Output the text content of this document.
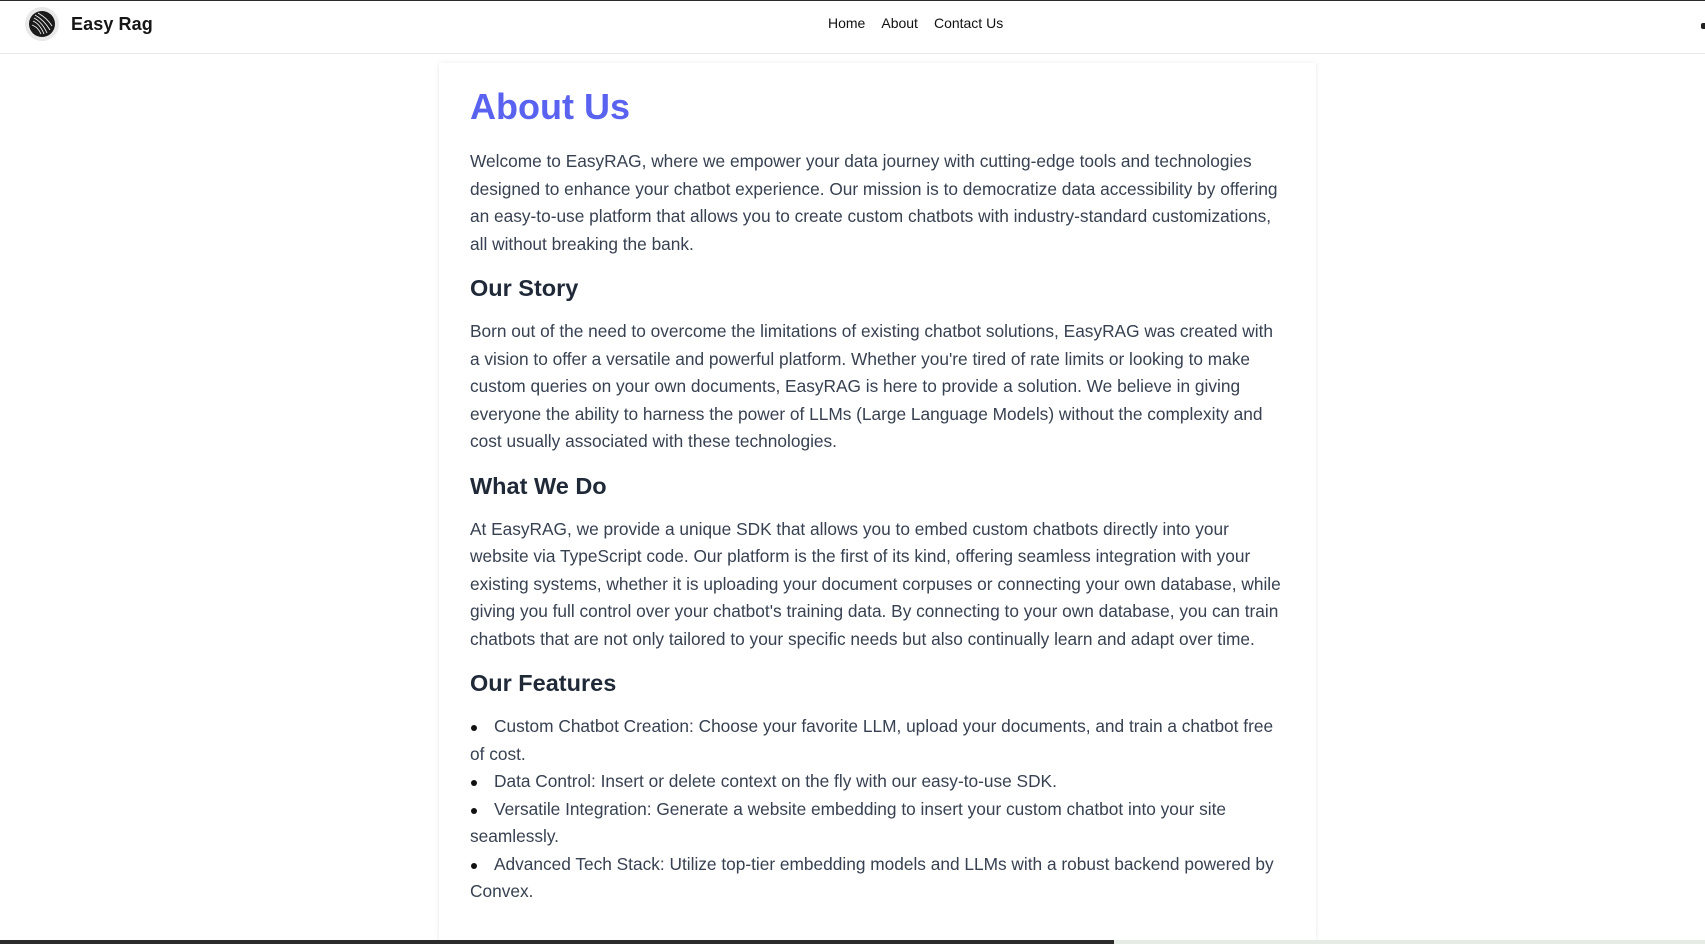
Easy Rag	Home About Contact Us
About Us

Welcome to EasyRAG, where we empower your data journey with cutting-edge tools and technologies designed to enhance your chatbot experience. Our mission is to democratize data accessibility by offering an easy-to-use platform that allows you to create custom chatbots with industry-standard customizations, all without breaking the bank.

Our Story

Born out of the need to overcome the limitations of existing chatbot solutions, EasyRAG was created with a vision to offer a versatile and powerful platform. Whether you're tired of rate limits or looking to make custom queries on your own documents, EasyRAG is here to provide a solution. We believe in giving everyone the ability to harness the power of LLMs (Large Language Models) without the complexity and cost usually associated with these technologies.

What We Do

At EasyRAG, we provide a unique SDK that allows you to embed custom chatbots directly into your website via TypeScript code. Our platform is the first of its kind, offering seamless integration with your existing systems, whether it is uploading your document corpuses or connecting your own database, while giving you full control over your chatbot's training data. By connecting to your own database, you can train chatbots that are not only tailored to your specific needs but also continually learn and adapt over time.

Our Features
Custom Chatbot Creation: Choose your favorite LLM, upload your documents, and train a chatbot free of cost.
Data Control: Insert or delete context on the fly with our easy-to-use SDK.
Versatile Integration: Generate a website embedding to insert your custom chatbot into your site seamlessly.
Advanced Tech Stack: Utilize top-tier embedding models and LLMs with a robust backend powered by Convex.
